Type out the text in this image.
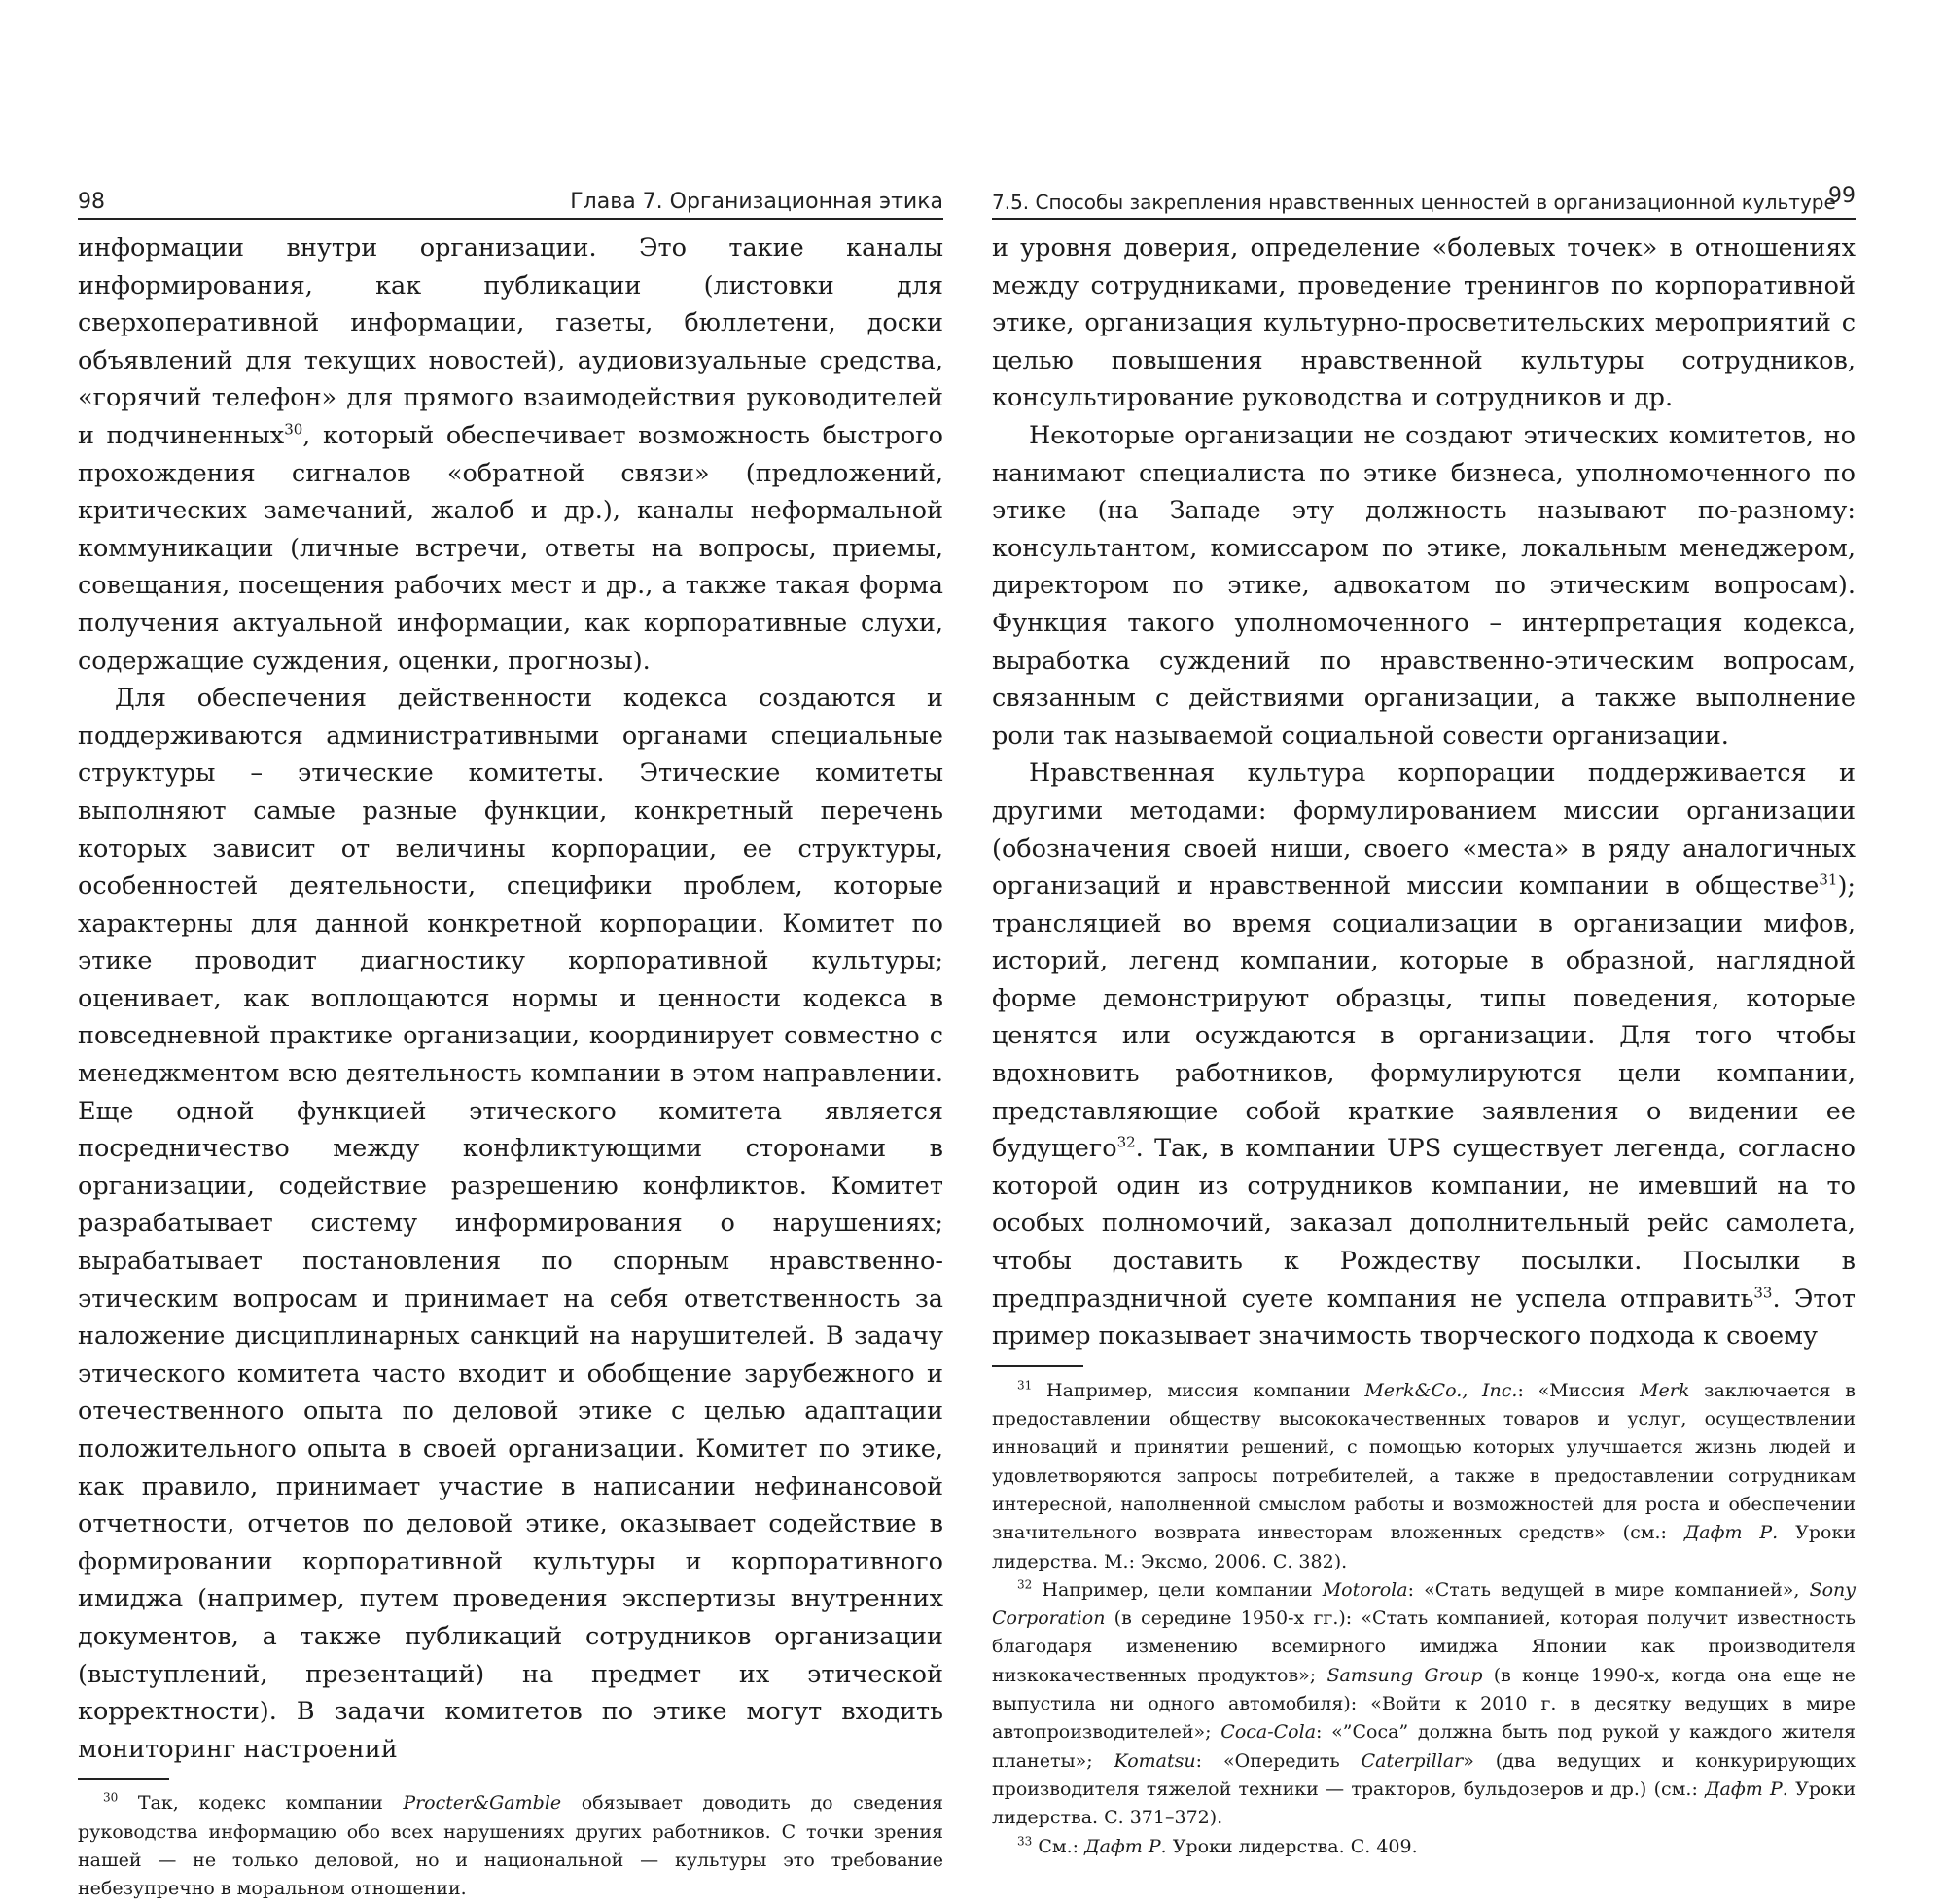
98	Глава 7. Организационная этика

информации внутри организации. Это такие каналы информирования, как публикации (листовки для сверхоперативной информации, газеты, бюллетени, доски объявлений для текущих новостей), аудиовизуальные средства, «горячий телефон» для прямого взаимодействия руководителей и подчиненных$^{30}$, который обеспечивает возможность быстрого прохождения сигналов «обратной связи» (предложений, критических замечаний, жалоб и др.), каналы неформальной коммуникации (личные встречи, ответы на вопросы, приемы, совещания, посещения рабочих мест и др., а также такая форма получения актуальной информации, как корпоративные слухи, содержащие суждения, оценки, прогнозы).

Для обеспечения действенности кодекса создаются и поддерживаются административными органами специальные структуры – этические комитеты. Этические комитеты выполняют самые разные функции, конкретный перечень которых зависит от величины корпорации, ее структуры, особенностей деятельности, специфики проблем, которые характерны для данной конкретной корпорации. Комитет по этике проводит диагностику корпоративной культуры; оценивает, как воплощаются нормы и ценности кодекса в повседневной практике организации, координирует совместно с менеджментом всю деятельность компании в этом направлении. Еще одной функцией этического комитета является посредничество между конфликтующими сторонами в организации, содействие разрешению конфликтов. Комитет разрабатывает систему информирования о нарушениях; вырабатывает постановления по спорным нравственно-этическим вопросам и принимает на себя ответственность за наложение дисциплинарных санкций на нарушителей. В задачу этического комитета часто входит и обобщение зарубежного и отечественного опыта по деловой этике с целью адаптации положительного опыта в своей организации. Комитет по этике, как правило, принимает участие в написании нефинансовой отчетности, отчетов по деловой этике, оказывает содействие в формировании корпоративной культуры и корпоративного имиджа (например, путем проведения экспертизы внутренних документов, а также публикаций сотрудников организации (выступлений, презентаций) на предмет их этической корректности). В задачи комитетов по этике могут входить мониторинг настроений

$^{30}$ Так, кодекс компании Procter&Gamble обязывает доводить до сведения руководства информацию обо всех нарушениях других работников. С точки зрения нашей — не только деловой, но и национальной — культуры это требование небезупречно в моральном отношении.

7.5. Способы закрепления нравственных ценностей в организационной культуре
99

и уровня доверия, определение «болевых точек» в отношениях между сотрудниками, проведение тренингов по корпоративной этике, организация культурно-просветительских мероприятий с целью повышения нравственной культуры сотрудников, консультирование руководства и сотрудников и др.

Некоторые организации не создают этических комитетов, но нанимают специалиста по этике бизнеса, уполномоченного по этике (на Западе эту должность называют по-разному: консультантом, комиссаром по этике, локальным менеджером, директором по этике, адвокатом по этическим вопросам). Функция такого уполномоченного – интерпретация кодекса, выработка суждений по нравственно-этическим вопросам, связанным с действиями организации, а также выполнение роли так называемой социальной совести организации.

Нравственная культура корпорации поддерживается и другими методами: формулированием миссии организации (обозначения своей ниши, своего «места» в ряду аналогичных организаций и нравственной миссии компании в обществе$^{31}$); трансляцией во время социализации в организации мифов, историй, легенд компании, которые в образной, наглядной форме демонстрируют образцы, типы поведения, которые ценятся или осуждаются в организации. Для того чтобы вдохновить работников, формулируются цели компании, представляющие собой краткие заявления о видении ее будущего$^{32}$. Так, в компании UPS существует легенда, согласно которой один из сотрудников компании, не имевший на то особых полномочий, заказал дополнительный рейс самолета, чтобы доставить к Рождеству посылки. Посылки в предпраздничной суете компания не успела отправить$^{33}$. Этот пример показывает значимость творческого подхода к своему

$^{31}$ Например, миссия компании Merk&Co., Inc.: «Миссия Merk заключается в предоставлении обществу высококачественных товаров и услуг, осуществлении инноваций и принятии решений, с помощью которых улучшается жизнь людей и удовлетворяются запросы потребителей, а также в предоставлении сотрудникам интересной, наполненной смыслом работы и возможностей для роста и обеспечении значительного возврата инвесторам вложенных средств» (см.: Дафт Р. Уроки лидерства. М.: Эксмо, 2006. С. 382).

$^{32}$ Например, цели компании Motorola: «Стать ведущей в мире компанией», Sony Corporation (в середине 1950-х гг.): «Стать компанией, которая получит известность благодаря изменению всемирного имиджа Японии как производителя низкокачественных продуктов»; Samsung Group (в конце 1990-х, когда она еще не выпустила ни одного автомобиля): «Войти к 2010 г. в десятку ведущих в мире автопроизводителей»; Coca-Cola: «”Coca” должна быть под рукой у каждого жителя планеты»; Komatsu: «Опередить Caterpillar» (два ведущих и конкурирующих производителя тяжелой техники — тракторов, бульдозеров и др.) (см.: Дафт Р. Уроки лидерства. С. 371–372).

$^{33}$ См.: Дафт Р. Уроки лидерства. С. 409.
